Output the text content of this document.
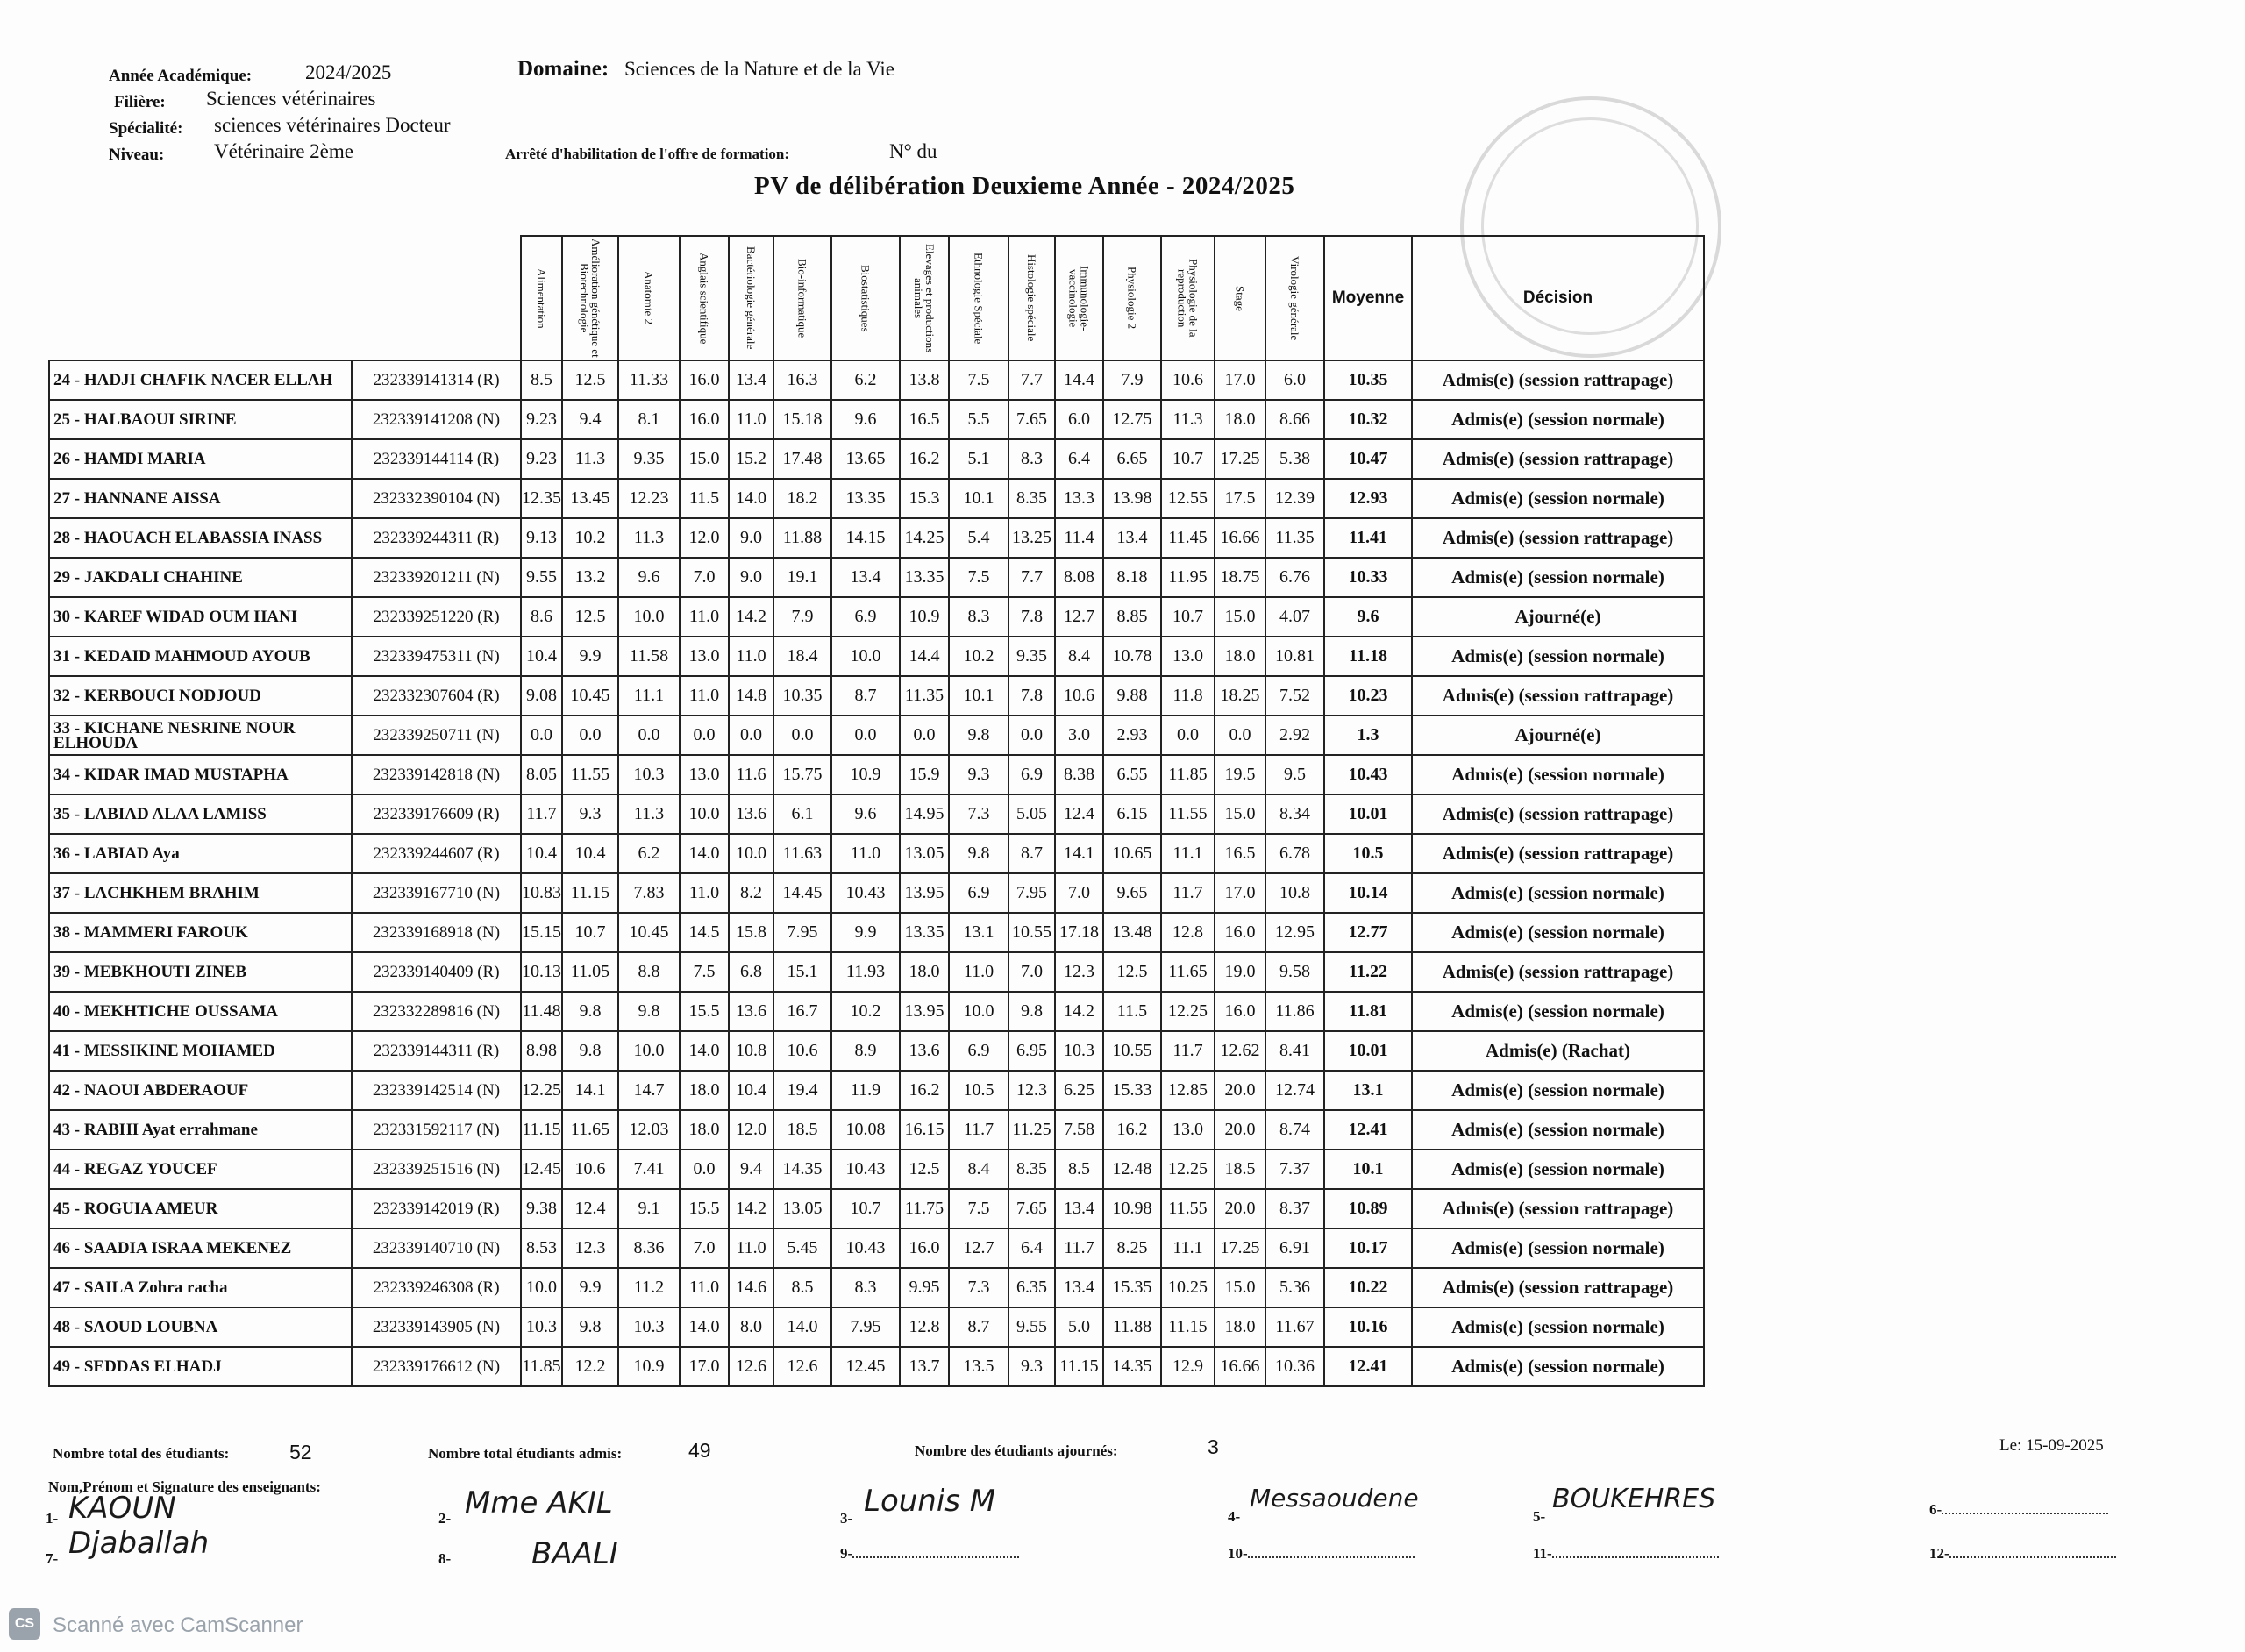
Année Académique:	2024/2025
Filière: Sciences vétérinaires
Spécialité: sciences vétérinaires Docteur
Niveau: Vétérinaire 2ème
Domaine: Sciences de la Nature et de la Vie
Arrêté d'habilitation de l'offre de formation:	N° du
PV de délibération Deuxieme Année - 2024/2025

		Alimentation	Amélioration génétique et Biotechnologie	Anatomie 2	Anglais scientifique	Bactériologie générale	Bio-informatique	Biostatistiques	Elevages et productions animales	Ethnologie Spéciale	Histologie spéciale	Immunologie-vaccinologie	Physiologie 2	Physiologie de la reproduction	Stage	Virologie générale	Moyenne	Décision
24 - HADJI CHAFIK NACER ELLAH	232339141314 (R)	8.5	12.5	11.33	16.0	13.4	16.3	6.2	13.8	7.5	7.7	14.4	7.9	10.6	17.0	6.0	10.35	Admis(e) (session rattrapage)
25 - HALBAOUI SIRINE	232339141208 (N)	9.23	9.4	8.1	16.0	11.0	15.18	9.6	16.5	5.5	7.65	6.0	12.75	11.3	18.0	8.66	10.32	Admis(e) (session normale)
26 - HAMDI MARIA	232339144114 (R)	9.23	11.3	9.35	15.0	15.2	17.48	13.65	16.2	5.1	8.3	6.4	6.65	10.7	17.25	5.38	10.47	Admis(e) (session rattrapage)
27 - HANNANE AISSA	232332390104 (N)	12.35	13.45	12.23	11.5	14.0	18.2	13.35	15.3	10.1	8.35	13.3	13.98	12.55	17.5	12.39	12.93	Admis(e) (session normale)
28 - HAOUACH ELABASSIA INASS	232339244311 (R)	9.13	10.2	11.3	12.0	9.0	11.88	14.15	14.25	5.4	13.25	11.4	13.4	11.45	16.66	11.35	11.41	Admis(e) (session rattrapage)
29 - JAKDALI CHAHINE	232339201211 (N)	9.55	13.2	9.6	7.0	9.0	19.1	13.4	13.35	7.5	7.7	8.08	8.18	11.95	18.75	6.76	10.33	Admis(e) (session normale)
30 - KAREF WIDAD OUM HANI	232339251220 (R)	8.6	12.5	10.0	11.0	14.2	7.9	6.9	10.9	8.3	7.8	12.7	8.85	10.7	15.0	4.07	9.6	Ajourné(e)
31 - KEDAID MAHMOUD AYOUB	232339475311 (N)	10.4	9.9	11.58	13.0	11.0	18.4	10.0	14.4	10.2	9.35	8.4	10.78	13.0	18.0	10.81	11.18	Admis(e) (session normale)
32 - KERBOUCI NODJOUD	232332307604 (R)	9.08	10.45	11.1	11.0	14.8	10.35	8.7	11.35	10.1	7.8	10.6	9.88	11.8	18.25	7.52	10.23	Admis(e) (session rattrapage)
33 - KICHANE NESRINE NOUR ELHOUDA	232339250711 (N)	0.0	0.0	0.0	0.0	0.0	0.0	0.0	0.0	9.8	0.0	3.0	2.93	0.0	0.0	2.92	1.3	Ajourné(e)
34 - KIDAR IMAD MUSTAPHA	232339142818 (N)	8.05	11.55	10.3	13.0	11.6	15.75	10.9	15.9	9.3	6.9	8.38	6.55	11.85	19.5	9.5	10.43	Admis(e) (session normale)
35 - LABIAD ALAA LAMISS	232339176609 (R)	11.7	9.3	11.3	10.0	13.6	6.1	9.6	14.95	7.3	5.05	12.4	6.15	11.55	15.0	8.34	10.01	Admis(e) (session rattrapage)
36 - LABIAD Aya	232339244607 (R)	10.4	10.4	6.2	14.0	10.0	11.63	11.0	13.05	9.8	8.7	14.1	10.65	11.1	16.5	6.78	10.5	Admis(e) (session rattrapage)
37 - LACHKHEM BRAHIM	232339167710 (N)	10.83	11.15	7.83	11.0	8.2	14.45	10.43	13.95	6.9	7.95	7.0	9.65	11.7	17.0	10.8	10.14	Admis(e) (session normale)
38 - MAMMERI FAROUK	232339168918 (N)	15.15	10.7	10.45	14.5	15.8	7.95	9.9	13.35	13.1	10.55	17.18	13.48	12.8	16.0	12.95	12.77	Admis(e) (session normale)
39 - MEBKHOUTI ZINEB	232339140409 (R)	10.13	11.05	8.8	7.5	6.8	15.1	11.93	18.0	11.0	7.0	12.3	12.5	11.65	19.0	9.58	11.22	Admis(e) (session rattrapage)
40 - MEKHTICHE OUSSAMA	232332289816 (N)	11.48	9.8	9.8	15.5	13.6	16.7	10.2	13.95	10.0	9.8	14.2	11.5	12.25	16.0	11.86	11.81	Admis(e) (session normale)
41 - MESSIKINE MOHAMED	232339144311 (R)	8.98	9.8	10.0	14.0	10.8	10.6	8.9	13.6	6.9	6.95	10.3	10.55	11.7	12.62	8.41	10.01	Admis(e) (Rachat)
42 - NAOUI ABDERAOUF	232339142514 (N)	12.25	14.1	14.7	18.0	10.4	19.4	11.9	16.2	10.5	12.3	6.25	15.33	12.85	20.0	12.74	13.1	Admis(e) (session normale)
43 - RABHI Ayat errahmane	232331592117 (N)	11.15	11.65	12.03	18.0	12.0	18.5	10.08	16.15	11.7	11.25	7.58	16.2	13.0	20.0	8.74	12.41	Admis(e) (session normale)
44 - REGAZ YOUCEF	232339251516 (N)	12.45	10.6	7.41	0.0	9.4	14.35	10.43	12.5	8.4	8.35	8.5	12.48	12.25	18.5	7.37	10.1	Admis(e) (session normale)
45 - ROGUIA AMEUR	232339142019 (R)	9.38	12.4	9.1	15.5	14.2	13.05	10.7	11.75	7.5	7.65	13.4	10.98	11.55	20.0	8.37	10.89	Admis(e) (session rattrapage)
46 - SAADIA ISRAA MEKENEZ	232339140710 (N)	8.53	12.3	8.36	7.0	11.0	5.45	10.43	16.0	12.7	6.4	11.7	8.25	11.1	17.25	6.91	10.17	Admis(e) (session normale)
47 - SAILA Zohra racha	232339246308 (R)	10.0	9.9	11.2	11.0	14.6	8.5	8.3	9.95	7.3	6.35	13.4	15.35	10.25	15.0	5.36	10.22	Admis(e) (session rattrapage)
48 - SAOUD LOUBNA	232339143905 (N)	10.3	9.8	10.3	14.0	8.0	14.0	7.95	12.8	8.7	9.55	5.0	11.88	11.15	18.0	11.67	10.16	Admis(e) (session normale)
49 - SEDDAS ELHADJ	232339176612 (N)	11.85	12.2	10.9	17.0	12.6	12.6	12.45	13.7	13.5	9.3	11.15	14.35	12.9	16.66	10.36	12.41	Admis(e) (session normale)
Nombre total des étudiants:	52	Nombre total étudiants admis:	49	Nombre des étudiants ajournés:	3	Le: 15-09-2025
Nom,Prénom et Signature des enseignants:
1- KAOUN	2- Mme AKIL	3- Lounis M	4-
Messaoudene
5-
BOUKEHRES	6-
7- Djaballah	8-	BAALI	9-	10-	11-	12-
CS Scanné avec CamScanner
